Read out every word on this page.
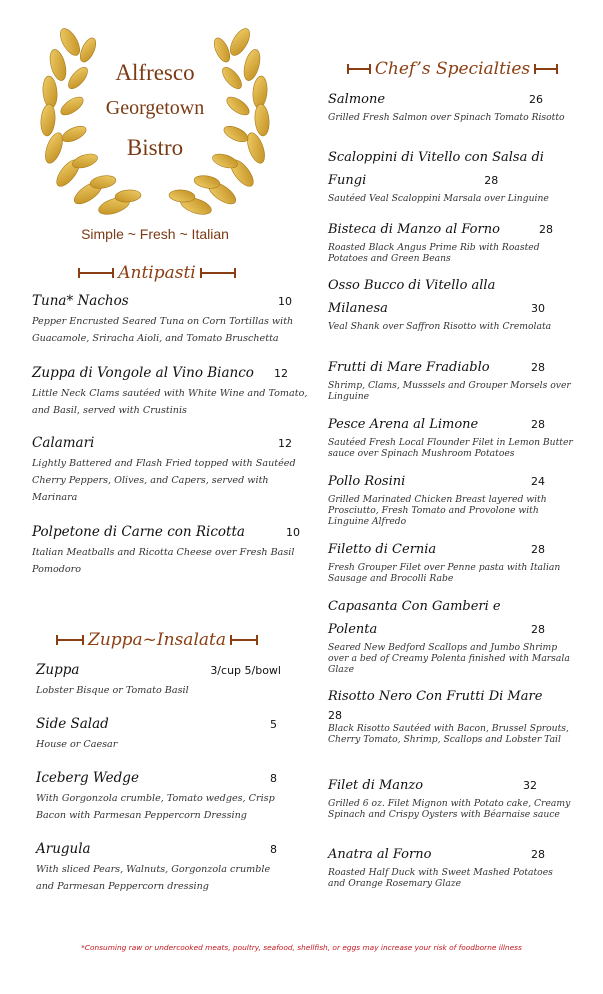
Alfresco
Georgetown
Bistro
Simple ~ Fresh ~ Italian
Antipasti
Zuppa~Insalata
Chef’s Specialties
Tuna* Nachos	10
Pepper Encrusted Seared Tuna on Corn Tortillas with Guacamole, Sriracha Aioli, and Tomato Bruschetta
Zuppa di Vongole al Vino Bianco 12
Little Neck Clams sautéed with White Wine and Tomato, and Basil, served with Crustinis
Calamari	12
Lightly Battered and Flash Fried topped with Sautéed Cherry Peppers, Olives, and Capers, served with Marinara
Polpetone di Carne con Ricotta	10
Italian Meatballs and Ricotta Cheese over Fresh Basil Pomodoro
Zuppa	3/cup 5/bowl
Lobster Bisque or Tomato Basil
Side Salad	5
House or Caesar
Iceberg Wedge	8
With Gorgonzola crumble, Tomato wedges, Crisp Bacon with Parmesan Peppercorn Dressing
Arugula	8
With sliced Pears, Walnuts, Gorgonzola crumble and Parmesan Peppercorn dressing
Salmone	26
Grilled Fresh Salmon over Spinach Tomato Risotto
Scaloppini di Vitello con Salsa di
Fungi	28
Sautéed Veal Scaloppini Marsala over Linguine
Bisteca di Manzo al Forno	28
Roasted Black Angus Prime Rib with Roasted Potatoes and Green Beans
Osso Bucco di Vitello alla
Milanesa	30
Veal Shank over Saffron Risotto with Cremolata
Frutti di Mare Fradiablo	28
Shrimp, Clams, Musssels and Grouper Morsels over Linguine
Pesce Arena al Limone	28
Sautéed Fresh Local Flounder Filet in Lemon Butter sauce over Spinach Mushroom Potatoes
Pollo Rosini	24
Grilled Marinated Chicken Breast layered with Prosciutto, Fresh Tomato and Provolone with Linguine Alfredo
Filetto di Cernia	28
Fresh Grouper Filet over Penne pasta with Italian Sausage and Brocolli Rabe
Capasanta Con Gamberi e
Polenta	28
Seared New Bedford Scallops and Jumbo Shrimp over a bed of Creamy Polenta finished with Marsala Glaze
Risotto Nero Con Frutti Di Mare
28
Black Risotto Sautéed with Bacon, Brussel Sprouts, Cherry Tomato, Shrimp, Scallops and Lobster Tail
Filet di Manzo	32
Grilled 6 oz. Filet Mignon with Potato cake, Creamy Spinach and Crispy Oysters with Béarnaise sauce
Anatra al Forno	28
Roasted Half Duck with Sweet Mashed Potatoes and Orange Rosemary Glaze
*Consuming raw or undercooked meats, poultry, seafood, shellfish, or eggs may increase your risk of foodborne illness
